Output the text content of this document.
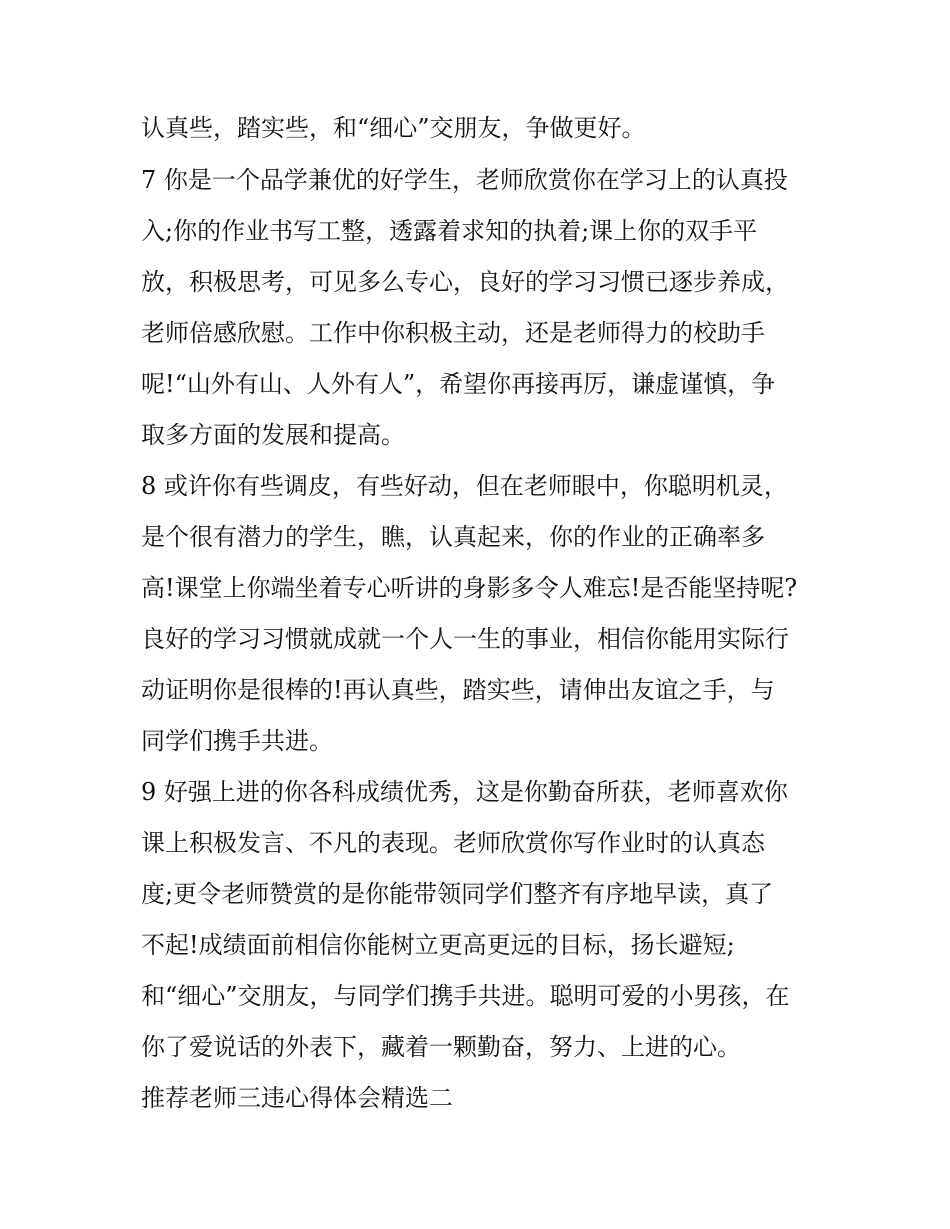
认真些，踏实些，和“细心”交朋友，争做更好。
7 你是一个品学兼优的好学生，老师欣赏你在学习上的认真投
入;你的作业书写工整，透露着求知的执着;课上你的双手平
放，积极思考，可见多么专心，良好的学习习惯已逐步养成，
老师倍感欣慰。工作中你积极主动，还是老师得力的校助手
呢!“山外有山、人外有人”，希望你再接再厉，谦虚谨慎，争
取多方面的发展和提高。
8 或许你有些调皮，有些好动，但在老师眼中，你聪明机灵，
是个很有潜力的学生，瞧，认真起来，你的作业的正确率多
高!课堂上你端坐着专心听讲的身影多令人难忘!是否能坚持呢?
良好的学习习惯就成就一个人一生的事业，相信你能用实际行
动证明你是很棒的!再认真些，踏实些，请伸出友谊之手，与
同学们携手共进。
9 好强上进的你各科成绩优秀，这是你勤奋所获，老师喜欢你
课上积极发言、不凡的表现。老师欣赏你写作业时的认真态
度;更令老师赞赏的是你能带领同学们整齐有序地早读，真了
不起!成绩面前相信你能树立更高更远的目标，扬长避短;
和“细心”交朋友，与同学们携手共进。聪明可爱的小男孩，在
你了爱说话的外表下，藏着一颗勤奋，努力、上进的心。
推荐老师三违心得体会精选二
